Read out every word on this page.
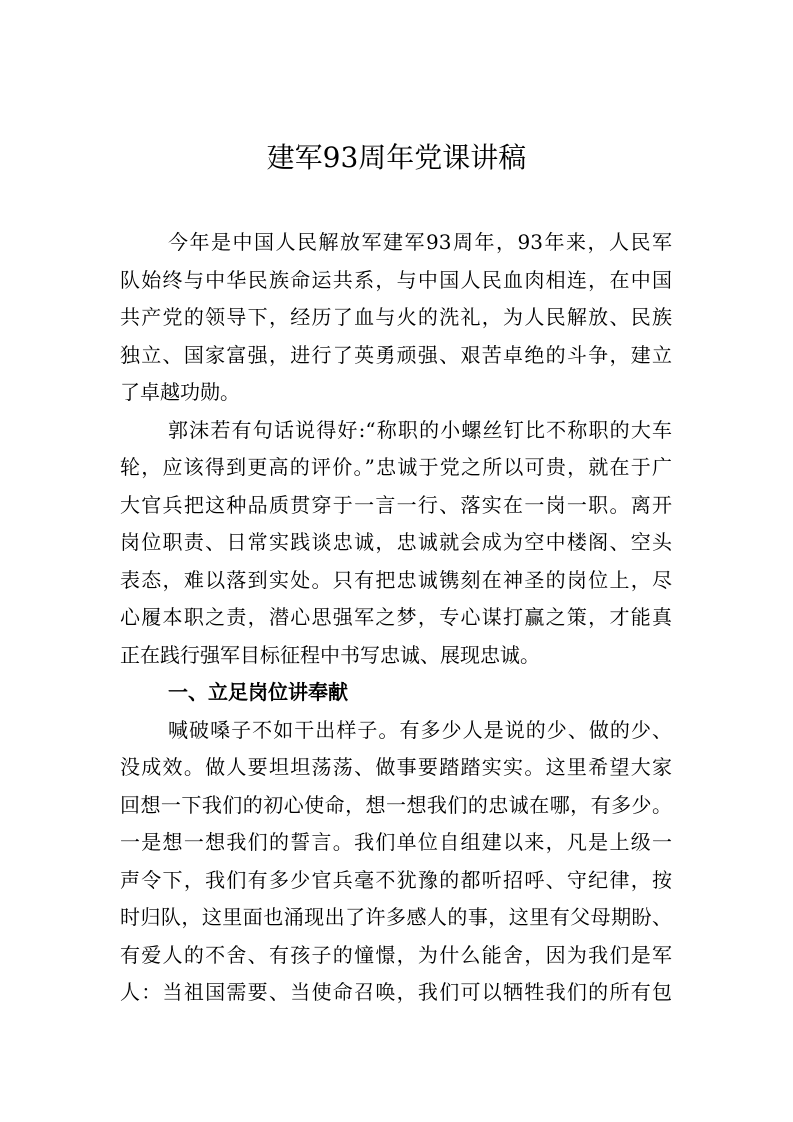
建军93周年党课讲稿
今年是中国人民解放军建军93周年，93年来，人民军
队始终与中华民族命运共系，与中国人民血肉相连，在中国
共产党的领导下，经历了血与火的洗礼，为人民解放、民族
独立、国家富强，进行了英勇顽强、艰苦卓绝的斗争，建立
了卓越功勋。
郭沫若有句话说得好:“称职的小螺丝钉比不称职的大车
轮，应该得到更高的评价。”忠诚于党之所以可贵，就在于广
大官兵把这种品质贯穿于一言一行、落实在一岗一职。离开
岗位职责、日常实践谈忠诚，忠诚就会成为空中楼阁、空头
表态，难以落到实处。只有把忠诚镌刻在神圣的岗位上，尽
心履本职之责，潜心思强军之梦，专心谋打赢之策，才能真
正在践行强军目标征程中书写忠诚、展现忠诚。
一、立足岗位讲奉献
喊破嗓子不如干出样子。有多少人是说的少、做的少、
没成效。做人要坦坦荡荡、做事要踏踏实实。这里希望大家
回想一下我们的初心使命，想一想我们的忠诚在哪，有多少。
一是想一想我们的誓言。我们单位自组建以来，凡是上级一
声令下，我们有多少官兵毫不犹豫的都听招呼、守纪律，按
时归队，这里面也涌现出了许多感人的事，这里有父母期盼、
有爱人的不舍、有孩子的憧憬，为什么能舍，因为我们是军
人：当祖国需要、当使命召唤，我们可以牺牲我们的所有包
